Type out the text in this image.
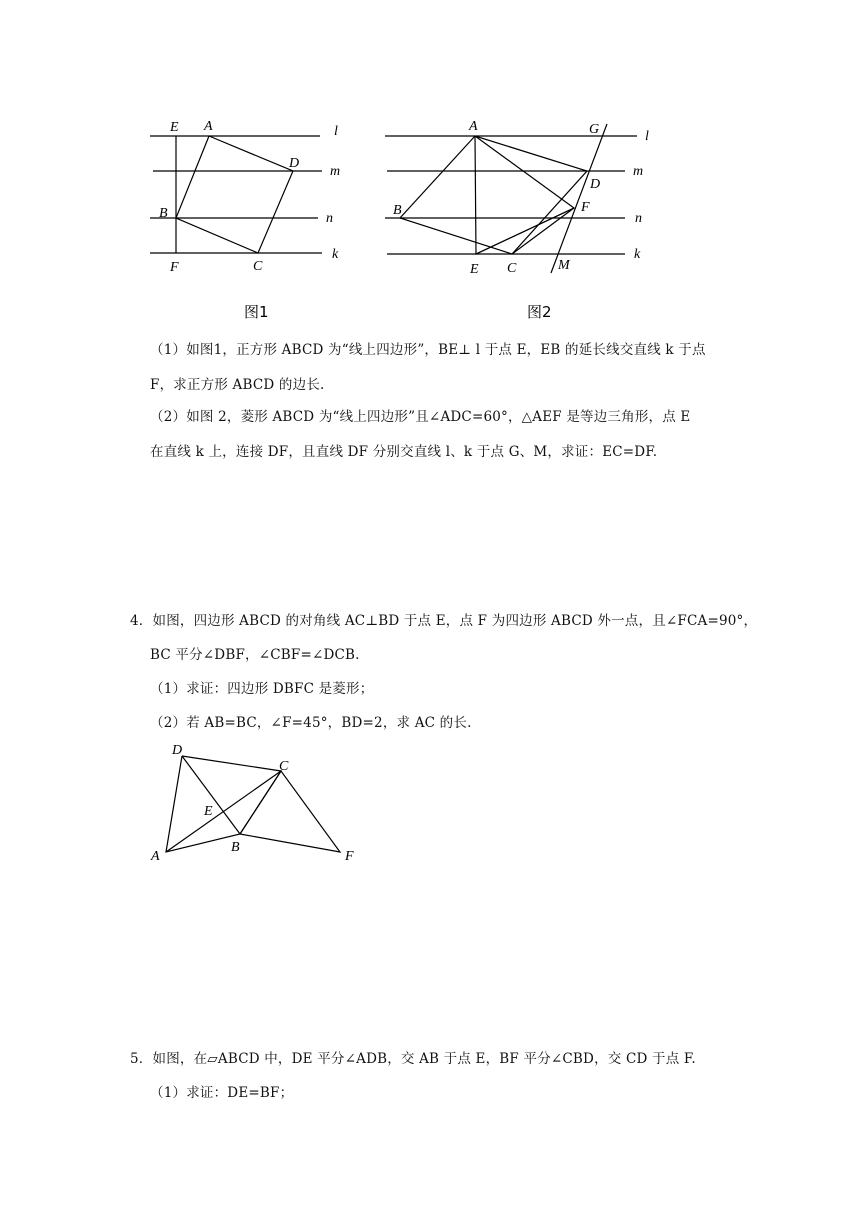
E A	l
D
m
B	n
F	C
k
图1
A	G	l
D
m
B	F
n
E C	M
k
图2
（1）如图1，正方形 ABCD 为“线上四边形”，BE⊥ l 于点 E，EB 的延长线交直线 k 于点
F，求正方形 ABCD 的边长.
（2）如图 2，菱形 ABCD 为“线上四边形”且∠ADC=60°，△AEF 是等边三角形，点 E
在直线 k 上，连接 DF，且直线 DF 分别交直线 l、k 于点 G、M，求证：EC=DF.
4．如图，四边形 ABCD 的对角线 AC⊥BD 于点 E，点 F 为四边形 ABCD 外一点，且∠FCA=90°，
BC 平分∠DBF，∠CBF=∠DCB.
（1）求证：四边形 DBFC 是菱形；
（2）若 AB=BC，∠F=45°，BD=2，求 AC 的长.
D
C
E
A
B
F
5．如图，在▱ABCD 中，DE 平分∠ADB，交 AB 于点 E，BF 平分∠CBD，交 CD 于点 F.
（1）求证：DE=BF；
